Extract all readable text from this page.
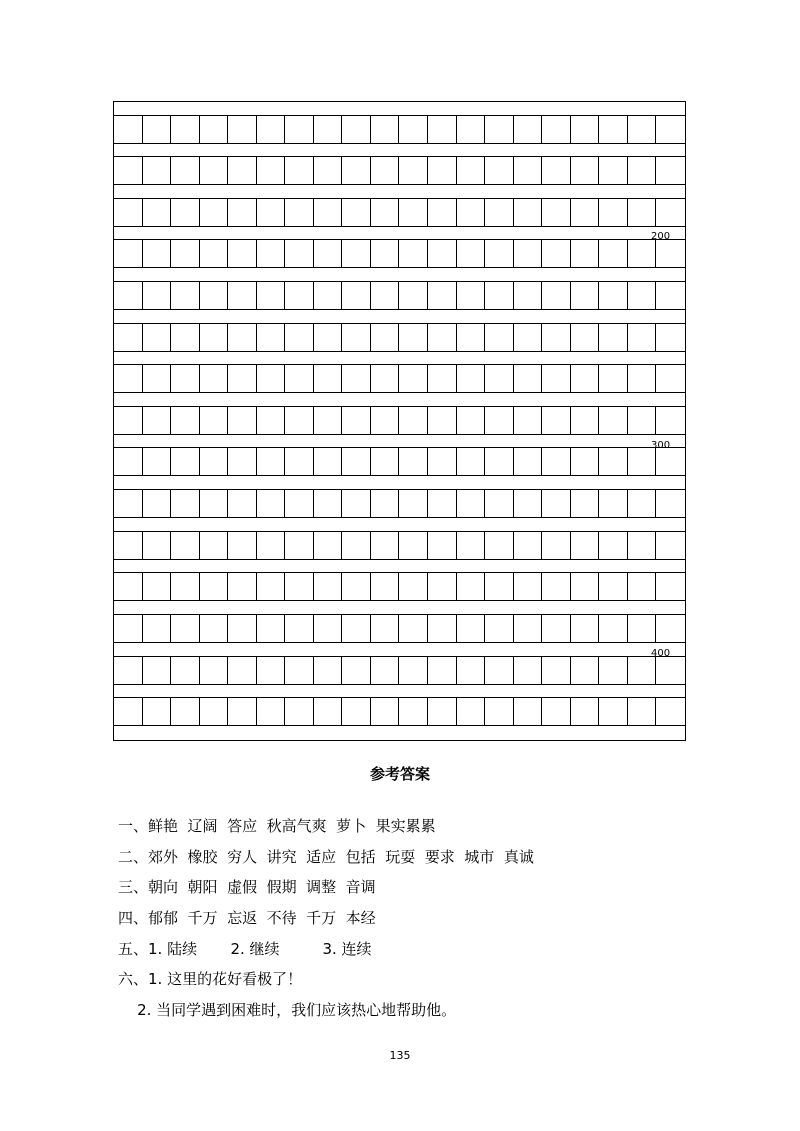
200
300
400
参考答案
一、鲜艳  辽阔  答应  秋高气爽  萝卜  果实累累
二、郊外  橡胶  穷人  讲究  适应  包括  玩耍  要求  城市  真诚
三、朝向  朝阳  虚假  假期  调整  音调
四、郁郁  千万  忘返  不待  千万  本经
五、1. 陆续       2. 继续         3. 连续
六、1. 这里的花好看极了！
2. 当同学遇到困难时，我们应该热心地帮助他。
135
